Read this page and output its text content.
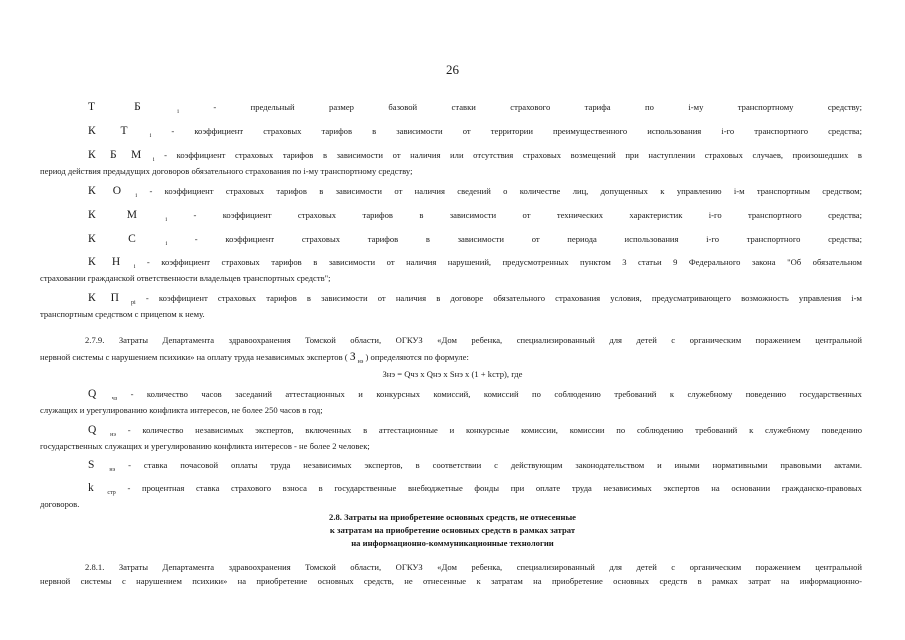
26
Т Б	$_i$	- предельный размер базовой ставки страхового тарифа по i-му транспортному средству;
К Т	$_i$ - коэффициент страховых тарифов в зависимости от территории преимущественного использования i-го транспортного средства;
К Б М $_i$ - коэффициент страховых тарифов в зависимости от наличия или отсутствия страховых возмещений при наступлении страховых случаев, произошедших в
период действия предыдущих договоров обязательного страхования по i-му транспортному средству;
К О $_i$ - коэффициент страховых тарифов в зависимости от наличия сведений о количестве лиц, допущенных к управлению i-м транспортным средством;
К М	$_i$	- коэффициент страховых тарифов в зависимости от технических характеристик i-го транспортного средства;
К С	$_i$	- коэффициент страховых тарифов в зависимости от периода использования i-го транспортного средства;
К Н $_i$ - коэффициент страховых тарифов в зависимости от наличия нарушений, предусмотренных пунктом 3 статьи 9 Федерального закона "Об обязательном
страховании гражданской ответственности владельцев транспортных средств";
К П $_{pi}$ - коэффициент страховых тарифов в зависимости от наличия в договоре обязательного страхования условия, предусматривающего возможность управления i-м
транспортным средством с прицепом к нему.
2.7.9. Затраты Департамента здравоохранения Томской области, ОГКУЗ «Дом ребенка, специализированный для детей с органическим поражением центральной
нервной системы с нарушением психики» на оплату труда независимых экспертов ( $З_{нэ}$ ) определяются по формуле:
Знэ = Qчз x Qнэ x Sнэ x (1 + kстр), где
Q $_{чз}$ - количество часов заседаний аттестационных и конкурсных комиссий, комиссий по соблюдению требований к служебному поведению государственных
служащих и урегулированию конфликта интересов, не более 250 часов в год;
Q $_{нэ}$ - количество независимых экспертов, включенных в аттестационные и конкурсные комиссии, комиссии по соблюдению требований к служебному поведению
государственных служащих и урегулированию конфликта интересов - не более 2 человек;
S $_{нэ}$ - ставка почасовой оплаты труда независимых экспертов, в соответствии с действующим законодательством и иными нормативными правовыми актами.
k $_{стр}$ - процентная ставка страхового взноса в государственные внебюджетные фонды при оплате труда независимых экспертов на основании гражданско-правовых
договоров.
2.8. Затраты на приобретение основных средств, не отнесенные
к затратам на приобретение основных средств в рамках затрат
на информационно-коммуникационные технологии
2.8.1. Затраты Департамента здравоохранения Томской области, ОГКУЗ «Дом ребенка, специализированный для детей с органическим поражением центральной
нервной системы с нарушением психики» на приобретение основных средств, не отнесенные к затратам на приобретение основных средств в рамках затрат на информационно-
